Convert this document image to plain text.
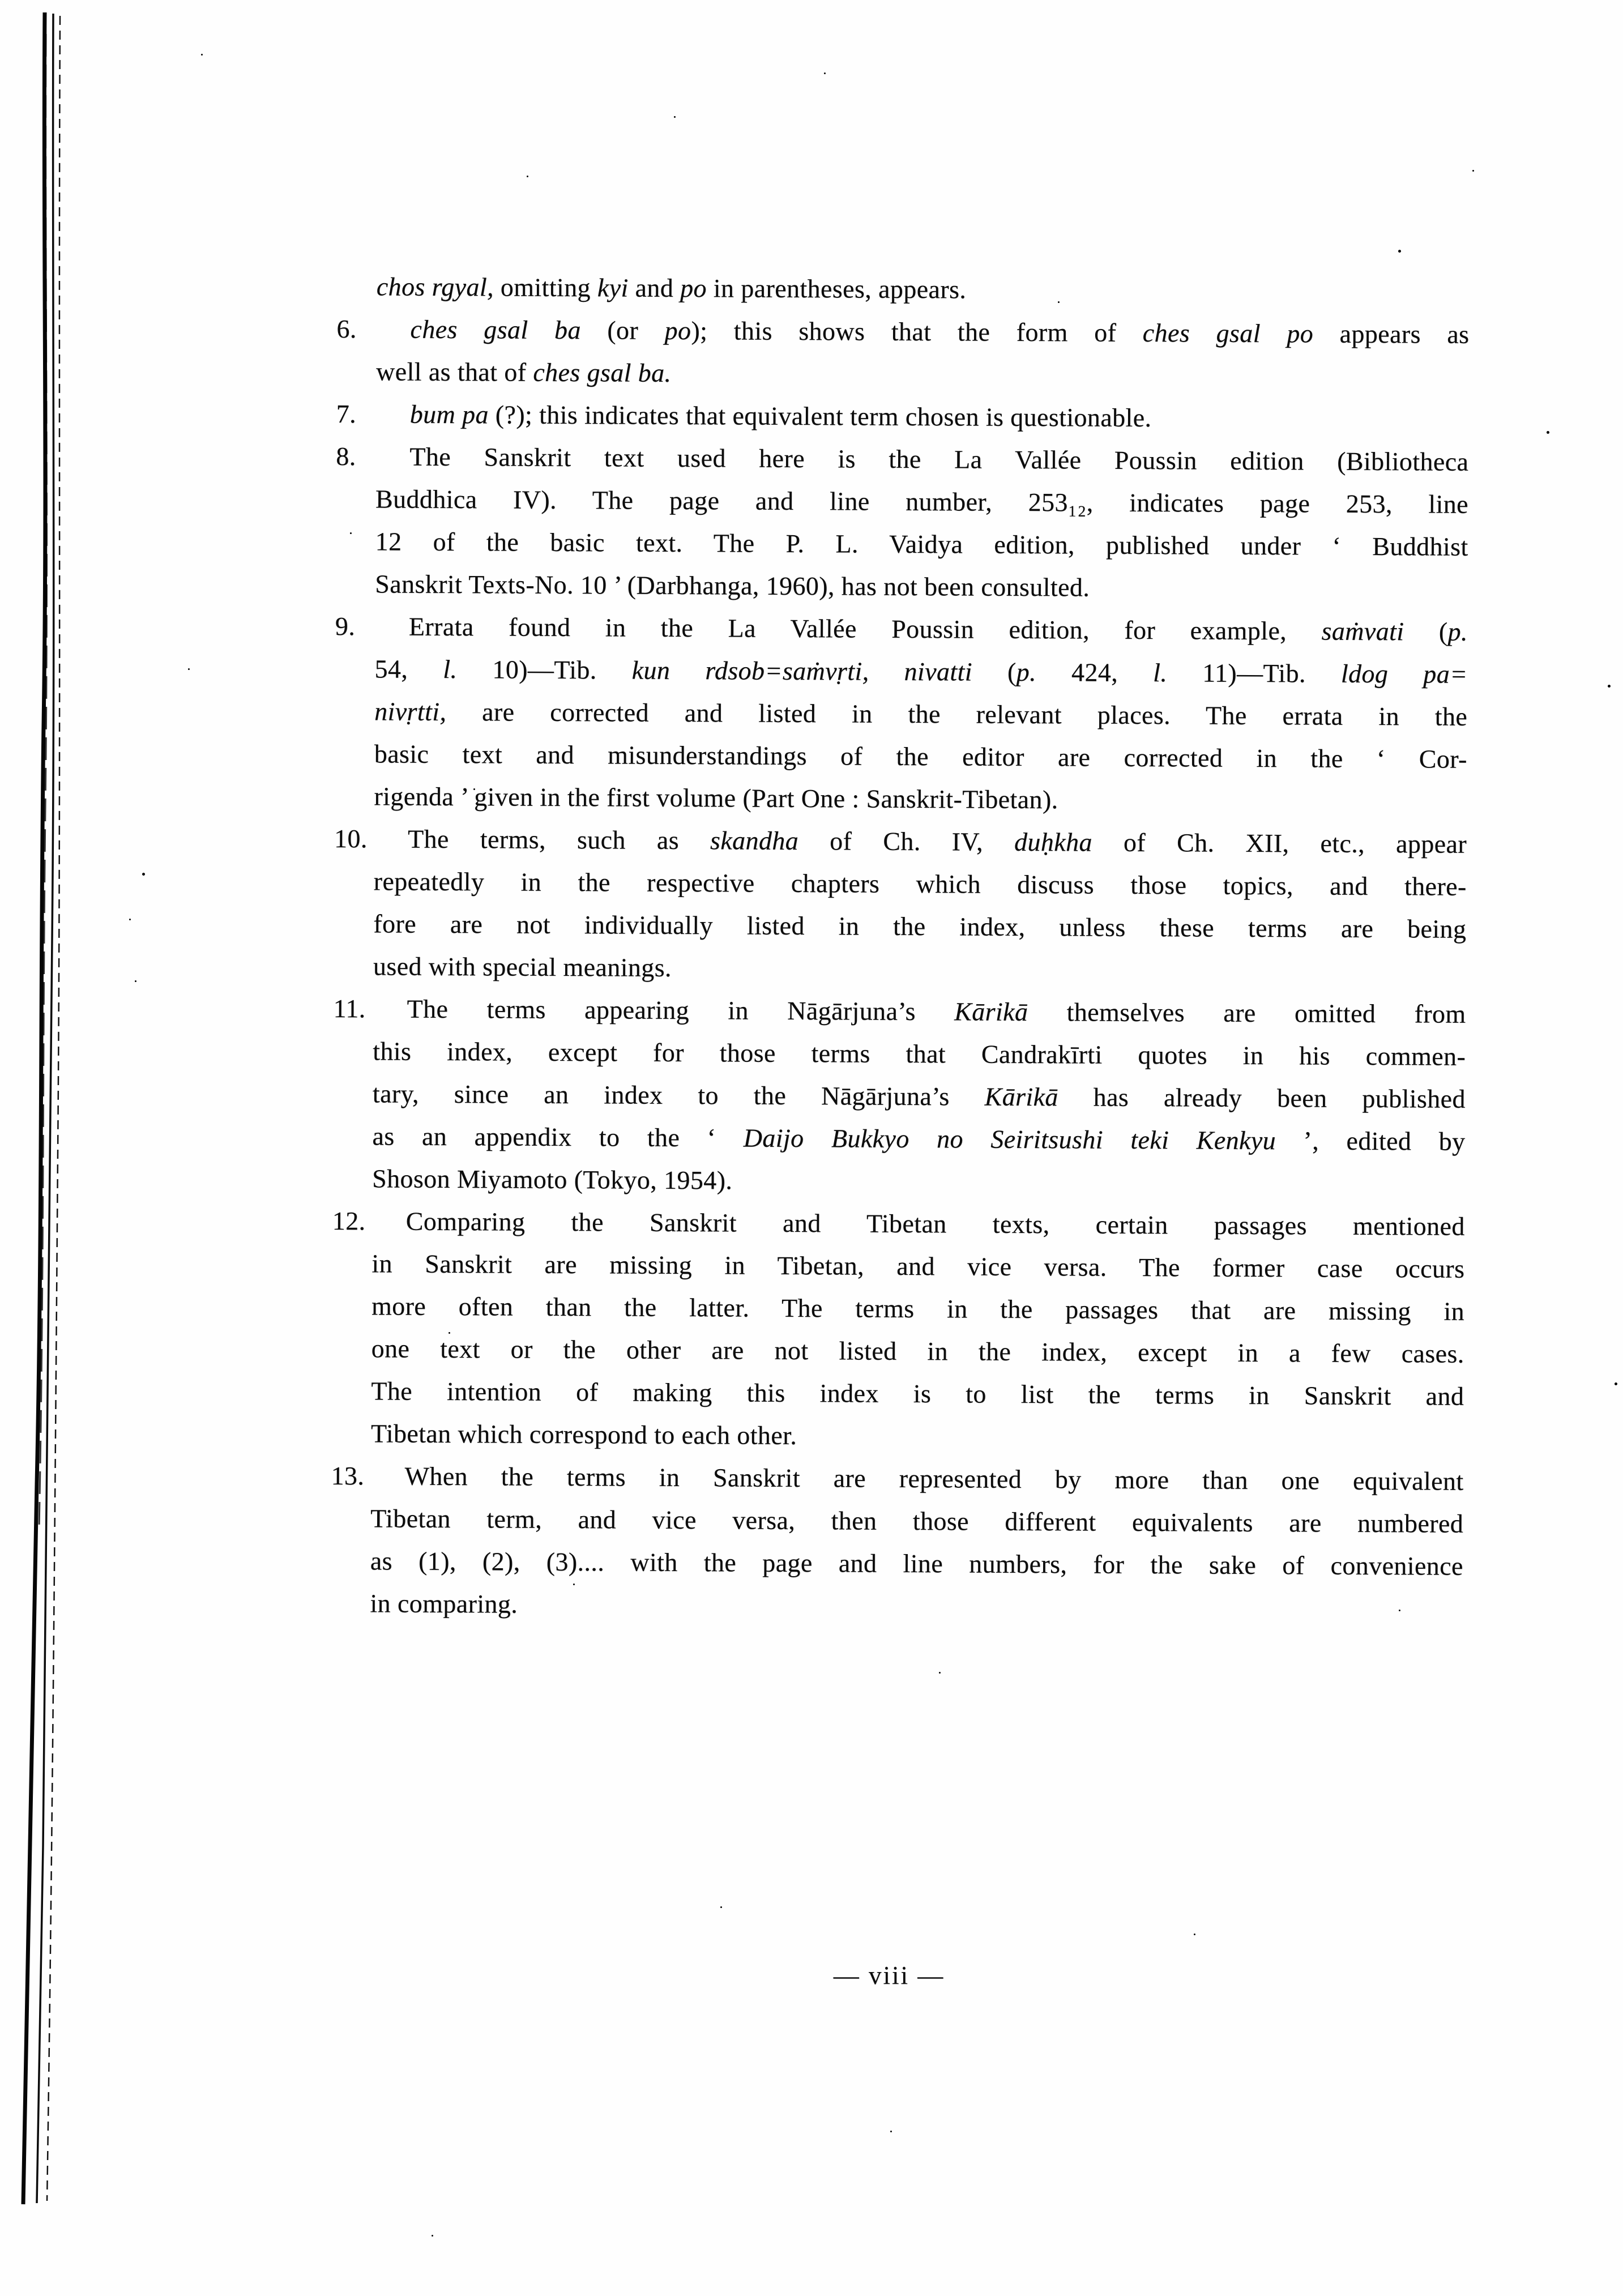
chos rgyal, omitting kyi and po in parentheses, appears.
6. ches gsal ba (or po); this shows that the form of ches gsal po appears as
well as that of ches gsal ba.
7. bum pa (?); this indicates that equivalent term chosen is questionable.
8. The Sanskrit text used here is the La Vallée Poussin edition (Bibliotheca
Buddhica IV). The page and line number, 253₁₂, indicates page 253, line
12 of the basic text. The P. L. Vaidya edition, published under ‘ Buddhist
Sanskrit Texts-No. 10 ’ (Darbhanga, 1960), has not been consulted.
9. Errata found in the La Vallée Poussin edition, for example, saṁvati (p.
54, l. 10)—Tib. kun rdsob=saṁvṛti, nivatti (p. 424, l. 11)—Tib. ldog pa=
nivṛtti, are corrected and listed in the relevant places. The errata in the
basic text and misunderstandings of the editor are corrected in the ‘ Cor-
rigenda ’ given in the first volume (Part One : Sanskrit-Tibetan).
10. The terms, such as skandha of Ch. IV, duḥkha of Ch. XII, etc., appear
repeatedly in the respective chapters which discuss those topics, and there-
fore are not individually listed in the index, unless these terms are being
used with special meanings.
11. The terms appearing in Nāgārjuna’s Kārikā themselves are omitted from
this index, except for those terms that Candrakīrti quotes in his commen-
tary, since an index to the Nāgārjuna’s Kārikā has already been published
as an appendix to the ‘ Daijo Bukkyo no Seiritsushi teki Kenkyu ’, edited by
Shoson Miyamoto (Tokyo, 1954).
12. Comparing the Sanskrit and Tibetan texts, certain passages mentioned
in Sanskrit are missing in Tibetan, and vice versa. The former case occurs
more often than the latter. The terms in the passages that are missing in
one text or the other are not listed in the index, except in a few cases.
The intention of making this index is to list the terms in Sanskrit and
Tibetan which correspond to each other.
13. When the terms in Sanskrit are represented by more than one equivalent
Tibetan term, and vice versa, then those different equivalents are numbered
as (1), (2), (3).... with the page and line numbers, for the sake of convenience
in comparing.
— viii —
